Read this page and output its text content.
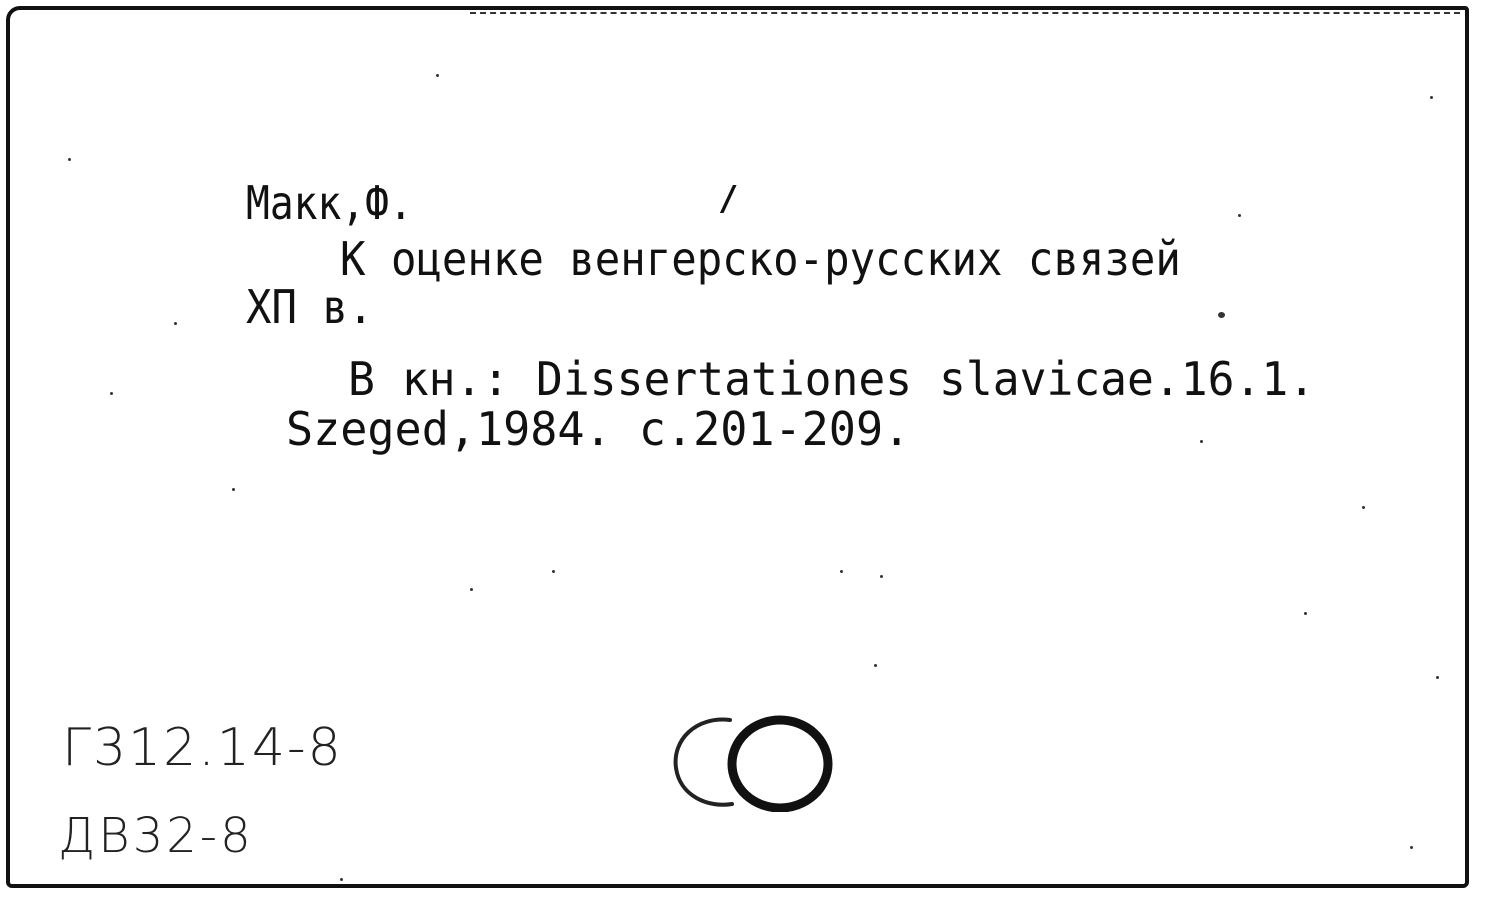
Макк,Ф.	/
К оценке венгерско-русских связей
ХП в.
В кн.: Dissertationes slavicae.16.1.
Szeged,1984. с.201-209.
Г312.14-8
ДВ32-8
